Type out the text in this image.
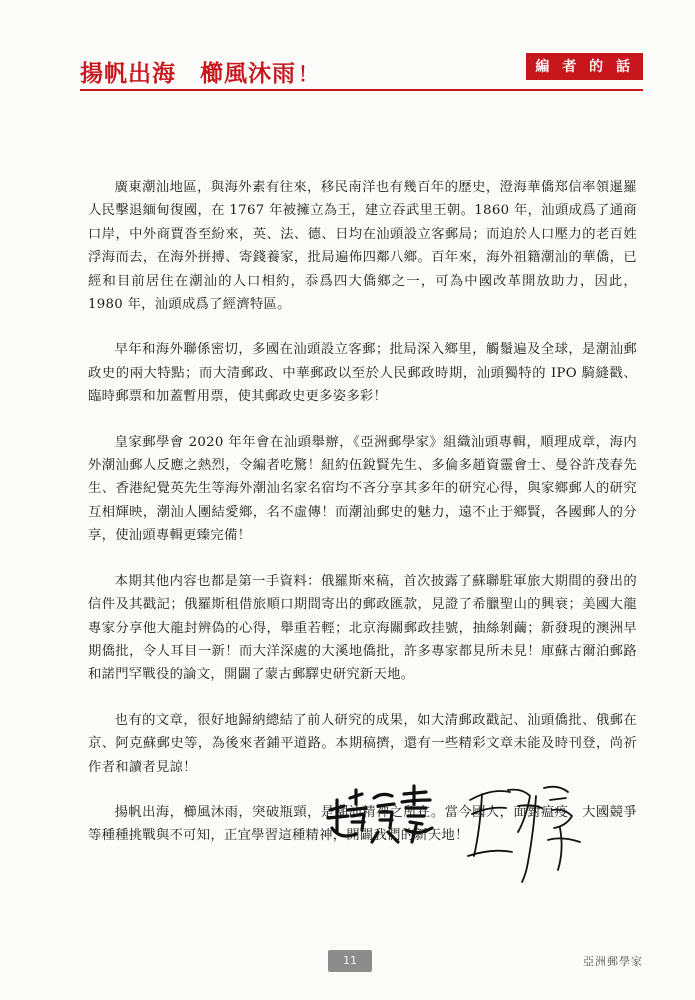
揚帆出海 櫛風沐雨 ！	編 者 的 話

廣東潮汕地區，與海外素有往來，移民南洋也有幾百年的歷史，澄海華僑郑信率領暹羅人民擊退緬甸復國，在 1767 年被擁立為王，建立吞武里王朝。1860 年，汕頭成爲了通商口岸，中外商賈沓至紛來，英、法、德、日均在汕頭設立客郵局；而迫於人口壓力的老百姓浮海而去，在海外拼搏、寄錢養家，批局遍佈四鄰八鄉。百年來，海外祖籍潮汕的華僑，已經和目前居住在潮汕的人口相約，忝爲四大僑鄉之一，可為中國改革開放助力，因此，1980 年，汕頭成爲了經濟特區。

早年和海外聯係密切，多國在汕頭設立客郵；批局深入鄉里，觸鬚遍及全球，是潮汕郵政史的兩大特點；而大清郵政、中華郵政以至於人民郵政時期，汕頭獨特的 IPO 騎縫戳、臨時郵票和加蓋暫用票，使其郵政史更多姿多彩！

皇家郵學會 2020 年年會在汕頭舉辦，《亞洲郵學家》組織汕頭專輯，順理成章，海内外潮汕郵人反應之熱烈，令編者吃驚！紐約伍銳賢先生、多倫多趙資靈會士、曼谷許茂春先生、香港紀覺英先生等海外潮汕名家名宿均不吝分享其多年的研究心得，與家鄉郵人的研究互相輝映，潮汕人團結愛鄉，名不虛傳！而潮汕郵史的魅力，遠不止于鄉賢，各國郵人的分享，使汕頭專輯更臻完備！

本期其他内容也都是第一手資料：俄羅斯來稿，首次披露了蘇聯駐軍旅大期間的發出的信件及其戳記；俄羅斯租借旅順口期間寄出的郵政匯款，見證了希臘聖山的興衰；美國大龍專家分享他大龍封辨偽的心得，舉重若輕；北京海關郵政挂號，抽絲剝繭；新發現的澳洲早期僑批，令人耳目一新！而大洋深處的大溪地僑批，許多專家都見所未見！庫蘇古爾泊郵路和諾門罕戰役的論文，開闢了蒙古郵驛史研究新天地。

也有的文章，很好地歸納總結了前人研究的成果，如大清郵政戳記、汕頭僑批、俄郵在京、阿克蘇郵史等，為後來者鋪平道路。本期稿擠，還有一些精彩文章未能及時刊登，尚祈作者和讀者見諒！

揚帆出海，櫛風沐雨，突破瓶頸，是潮汕精神之所在。當今國人，面對瘟疫、大國競爭等種種挑戰與不可知，正宜學習這種精神，開闢我們的新天地！

11	亞洲郵學家
